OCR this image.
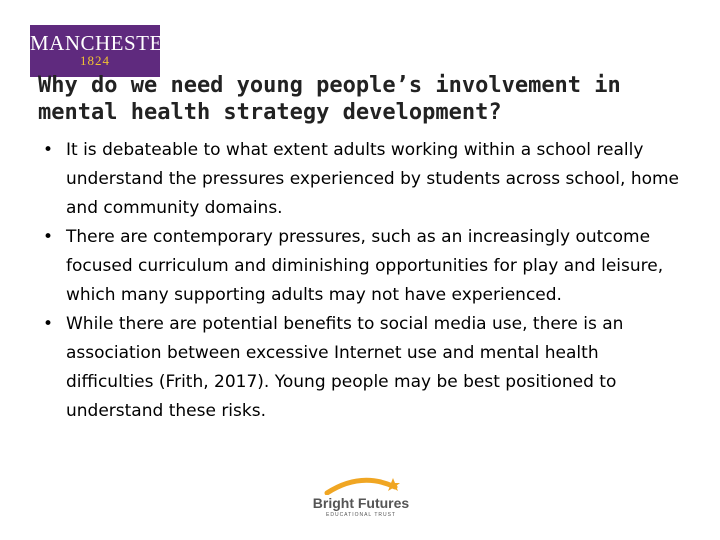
MANCHESTER
1824
Why do we need young people’s involvement in mental health strategy development?
• It is debateable to what extent adults working within a school really understand the pressures experienced by students across school, home and community domains.
• There are contemporary pressures, such as an increasingly outcome focused curriculum and diminishing opportunities for play and leisure, which many supporting adults may not have experienced.
• While there are potential benefits to social media use, there is an association between excessive Internet use and mental health difficulties (Frith, 2017). Young people may be best positioned to understand these risks.
Bright Futures
EDUCATIONAL TRUST
